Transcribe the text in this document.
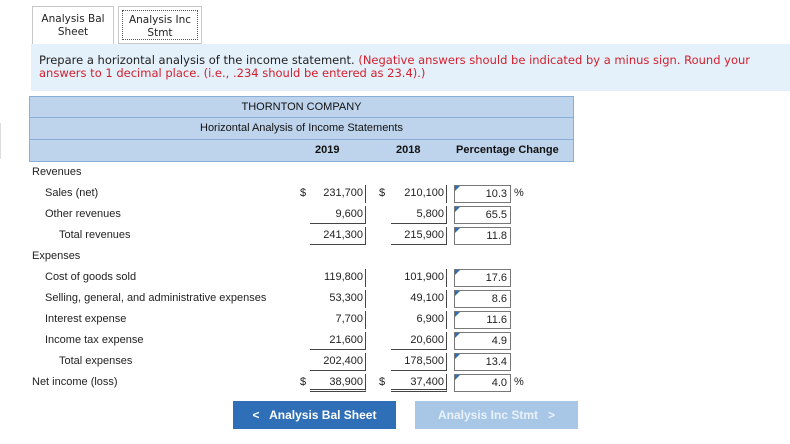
Analysis Bal
Sheet
Analysis Inc
Stmt
Prepare a horizontal analysis of the income statement. (Negative answers should be indicated by a minus sign. Round your answers to 1 decimal place. (i.e., .234 should be entered as 23.4).)
THORNTON COMPANY
Horizontal Analysis of Income Statements
2019	2018	Percentage Change
Revenues
Sales (net)	$	231,700 $	210,100	10.3 %
Other revenues	9,600	5,800	65.5
Total revenues	241,300	215,900	11.8
Expenses
Cost of goods sold	119,800	101,900	17.6
Selling, general, and administrative expenses	53,300	49,100	8.6
Interest expense	7,700	6,900	11.6
Income tax expense	21,600	20,600	4.9
Total expenses	202,400	178,500	13.4
Net income (loss)	$	38,900 $	37,400	4.0 %
< Analysis Bal Sheet	Analysis Inc Stmt >
